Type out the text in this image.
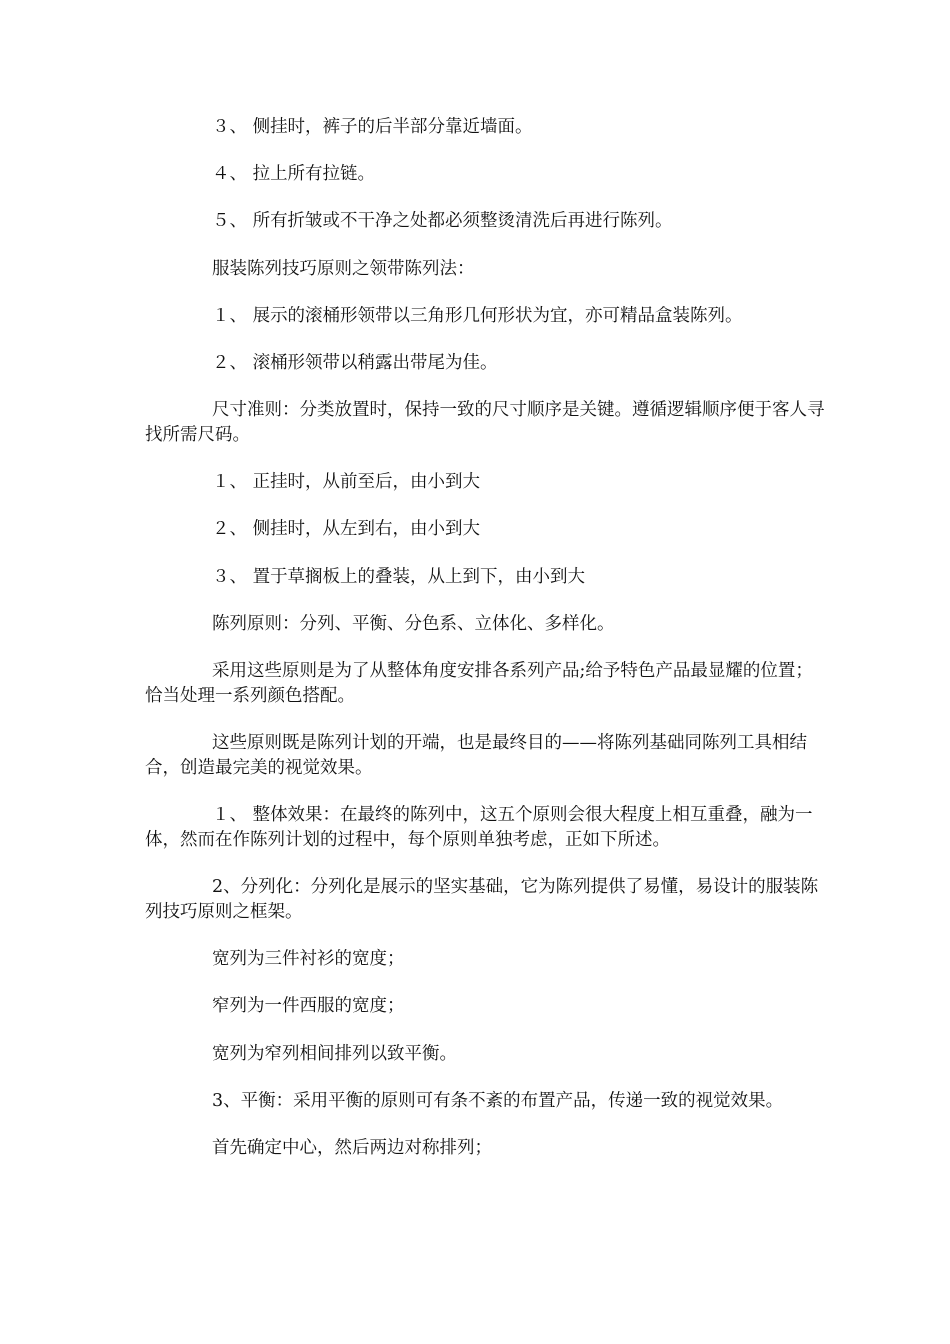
３、 侧挂时，裤子的后半部分靠近墙面。

４、 拉上所有拉链。

５、 所有折皱或不干净之处都必须整烫清洗后再进行陈列。

服装陈列技巧原则之领带陈列法：

１、 展示的滚桶形领带以三角形几何形状为宜，亦可精品盒装陈列。

２、 滚桶形领带以稍露出带尾为佳。

尺寸准则：分类放置时，保持一致的尺寸顺序是关键。遵循逻辑顺序便于客人寻找所需尺码。

１、 正挂时，从前至后，由小到大

２、 侧挂时，从左到右，由小到大

３、 置于草搁板上的叠装，从上到下，由小到大

陈列原则：分列、平衡、分色系、立体化、多样化。

采用这些原则是为了从整体角度安排各系列产品;给予特色产品最显耀的位置；恰当处理一系列颜色搭配。

这些原则既是陈列计划的开端，也是最终目的——将陈列基础同陈列工具相结合，创造最完美的视觉效果。

１、 整体效果：在最终的陈列中，这五个原则会很大程度上相互重叠，融为一体，然而在作陈列计划的过程中，每个原则单独考虑，正如下所述。

2、分列化：分列化是展示的坚实基础，它为陈列提供了易懂，易设计的服装陈列技巧原则之框架。

宽列为三件衬衫的宽度；

窄列为一件西服的宽度；

宽列为窄列相间排列以致平衡。

3、平衡：采用平衡的原则可有条不紊的布置产品，传递一致的视觉效果。

首先确定中心，然后两边对称排列；
